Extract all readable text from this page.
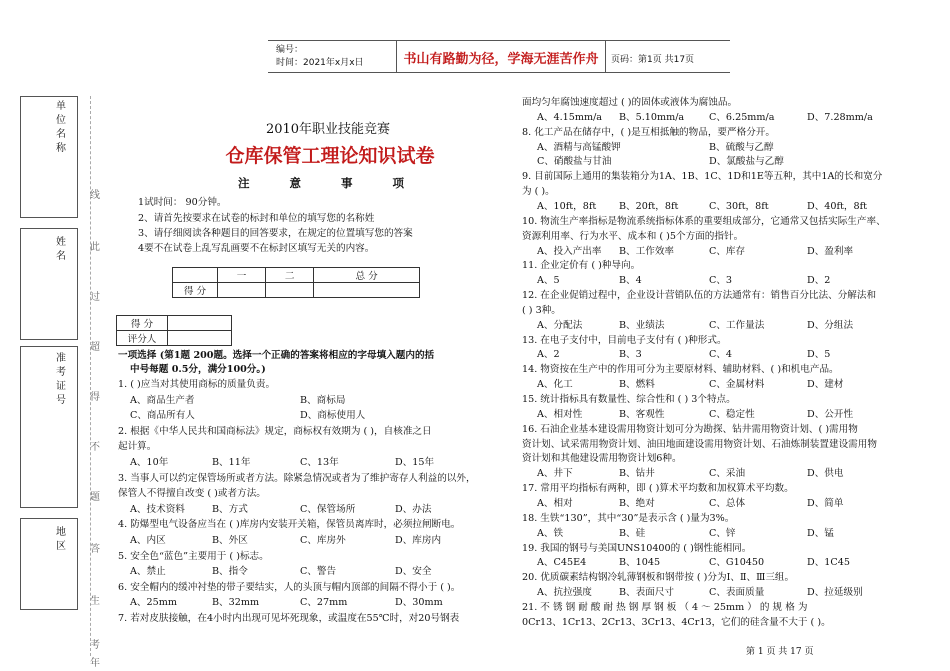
编号：
时间：2021年x月x日	书山有路勤为径，学海无涯苦作舟	页码：第1页 共17页
单位名称
姓名
准考证号
地区
线
此
过
超
得
不
题
答
生
考
年
2010年职业技能竞赛
仓库保管工理论知识试卷
注 意 事 项
1试时间： 90分钟。
2、请首先按要求在试卷的标封和单位的填写您的名称姓
3、请仔细阅读各种题目的回答要求，在规定的位置填写您的答案
4要不在试卷上乱写乱画要不在标封区填写无关的内容。
	一	二	总 分
得 分			
得 分	
评分人	
一项选择 (第1题 200题。选择一个正确的答案将相应的字母填入题内的括
中号每题 0.5分，满分100分。)
1. ( )应当对其使用商标的质量负责。
A、商品生产者	B、商标局
C、商品所有人	D、商标使用人
2. 根据《中华人民共和国商标法》规定，商标权有效期为 ( )，自核准之日
起计算。
A、10年	B、11年	C、13年	D、15年
3. 当事人可以约定保管场所或者方法。除紧急情况或者为了维护寄存人利益的以外，
保管人不得擅自改变 ( )或者方法。
A、技术资料	B、方式	C、保管场所	D、办法
4. 防爆型电气设备应当在 ( )库房内安装开关箱，保管员离库时，必须拉闸断电。
A、内区	B、外区	C、库房外	D、库房内
5. 安全色“蓝色”主要用于 ( )标志。
A、禁止	B、指令	C、警告	D、安全
6. 安全帽内的缓冲衬垫的带子要结实，人的头顶与帽内顶部的间隔不得小于 ( )。
A、25mm	B、32mm	C、27mm	D、30mm
7. 若对皮肤接触，在4小时内出现可见坏死现象，或温度在55℃时，对20号钢表
面均匀年腐蚀速度超过 ( )的固体或液体为腐蚀品。
A、4.15mm/a B、5.10mm/a	C、6.25mm/a	D、7.28mm/a
8. 化工产品在储存中，( )是互相抵触的物品，要严格分开。
A、酒精与高锰酸钾	B、硫酸与乙醇
C、硝酸盐与甘油	D、氯酸盐与乙醇
9. 目前国际上通用的集装箱分为1A、1B、1C、1D和1E等五种，其中1A的长和宽分
为 ( )。
A、10ft，8ft B、20ft，8ft	C、30ft，8ft	D、40ft，8ft
10. 物流生产率指标是物流系统指标体系的重要组成部分，它通常又包括实际生产率、
资源利用率、行为水平、成本和 ( )5个方面的指针。
A、投入产出率 B、工作效率	C、库存	D、盈利率
11. 企业定价有 ( )种导向。
A、5	B、4	C、3	D、2
12. 在企业促销过程中，企业设计营销队伍的方法通常有：销售百分比法、分解法和
( ) 3种。
A、分配法	B、业绩法	C、工作量法	D、分组法
13. 在电子支付中，目前电子支付有 ( )种形式。
A、2	B、3	C、4	D、5
14. 物资按在生产中的作用可分为主要原材料、辅助材料、( )和机电产品。
A、化工	B、燃料	C、金属材料	D、建材
15. 统计指标具有数量性、综合性和 ( ) 3个特点。
A、相对性	B、客观性	C、稳定性	D、公开性
16. 石油企业基本建设需用物资计划可分为勘探、钻井需用物资计划、( )需用物
资计划、试采需用物资计划、油田地面建设需用物资计划、石油炼制装置建设需用物
资计划和其他建设需用物资计划6种。
A、井下	B、钻井	C、采油	D、供电
17. 常用平均指标有两种，即 ( )算术平均数和加权算术平均数。
A、相对	B、绝对	C、总体	D、简单
18. 生铁“130”，其中“30”是表示含 ( )量为3%。
A、铁	B、硅	C、锌	D、锰
19. 我国的钢号与美国UNS10400的 ( )钢性能相同。
A、C45E4	B、1045	C、G10450	D、1C45
20. 优质碳素结构钢冷轧薄钢板和钢带按 ( )分为Ⅰ、Ⅱ、Ⅲ三组。
A、抗拉强度	B、表面尺寸	C、表面质量	D、拉延级别
21. 不 锈 钢 耐 酸 耐 热 钢 厚 钢 板 （ 4 ～ 25mm ） 的 规 格 为
0Cr13、1Cr13、2Cr13、3Cr13、4Cr13，它们的硅含量不大于 ( )。
第 1 页 共 17 页
